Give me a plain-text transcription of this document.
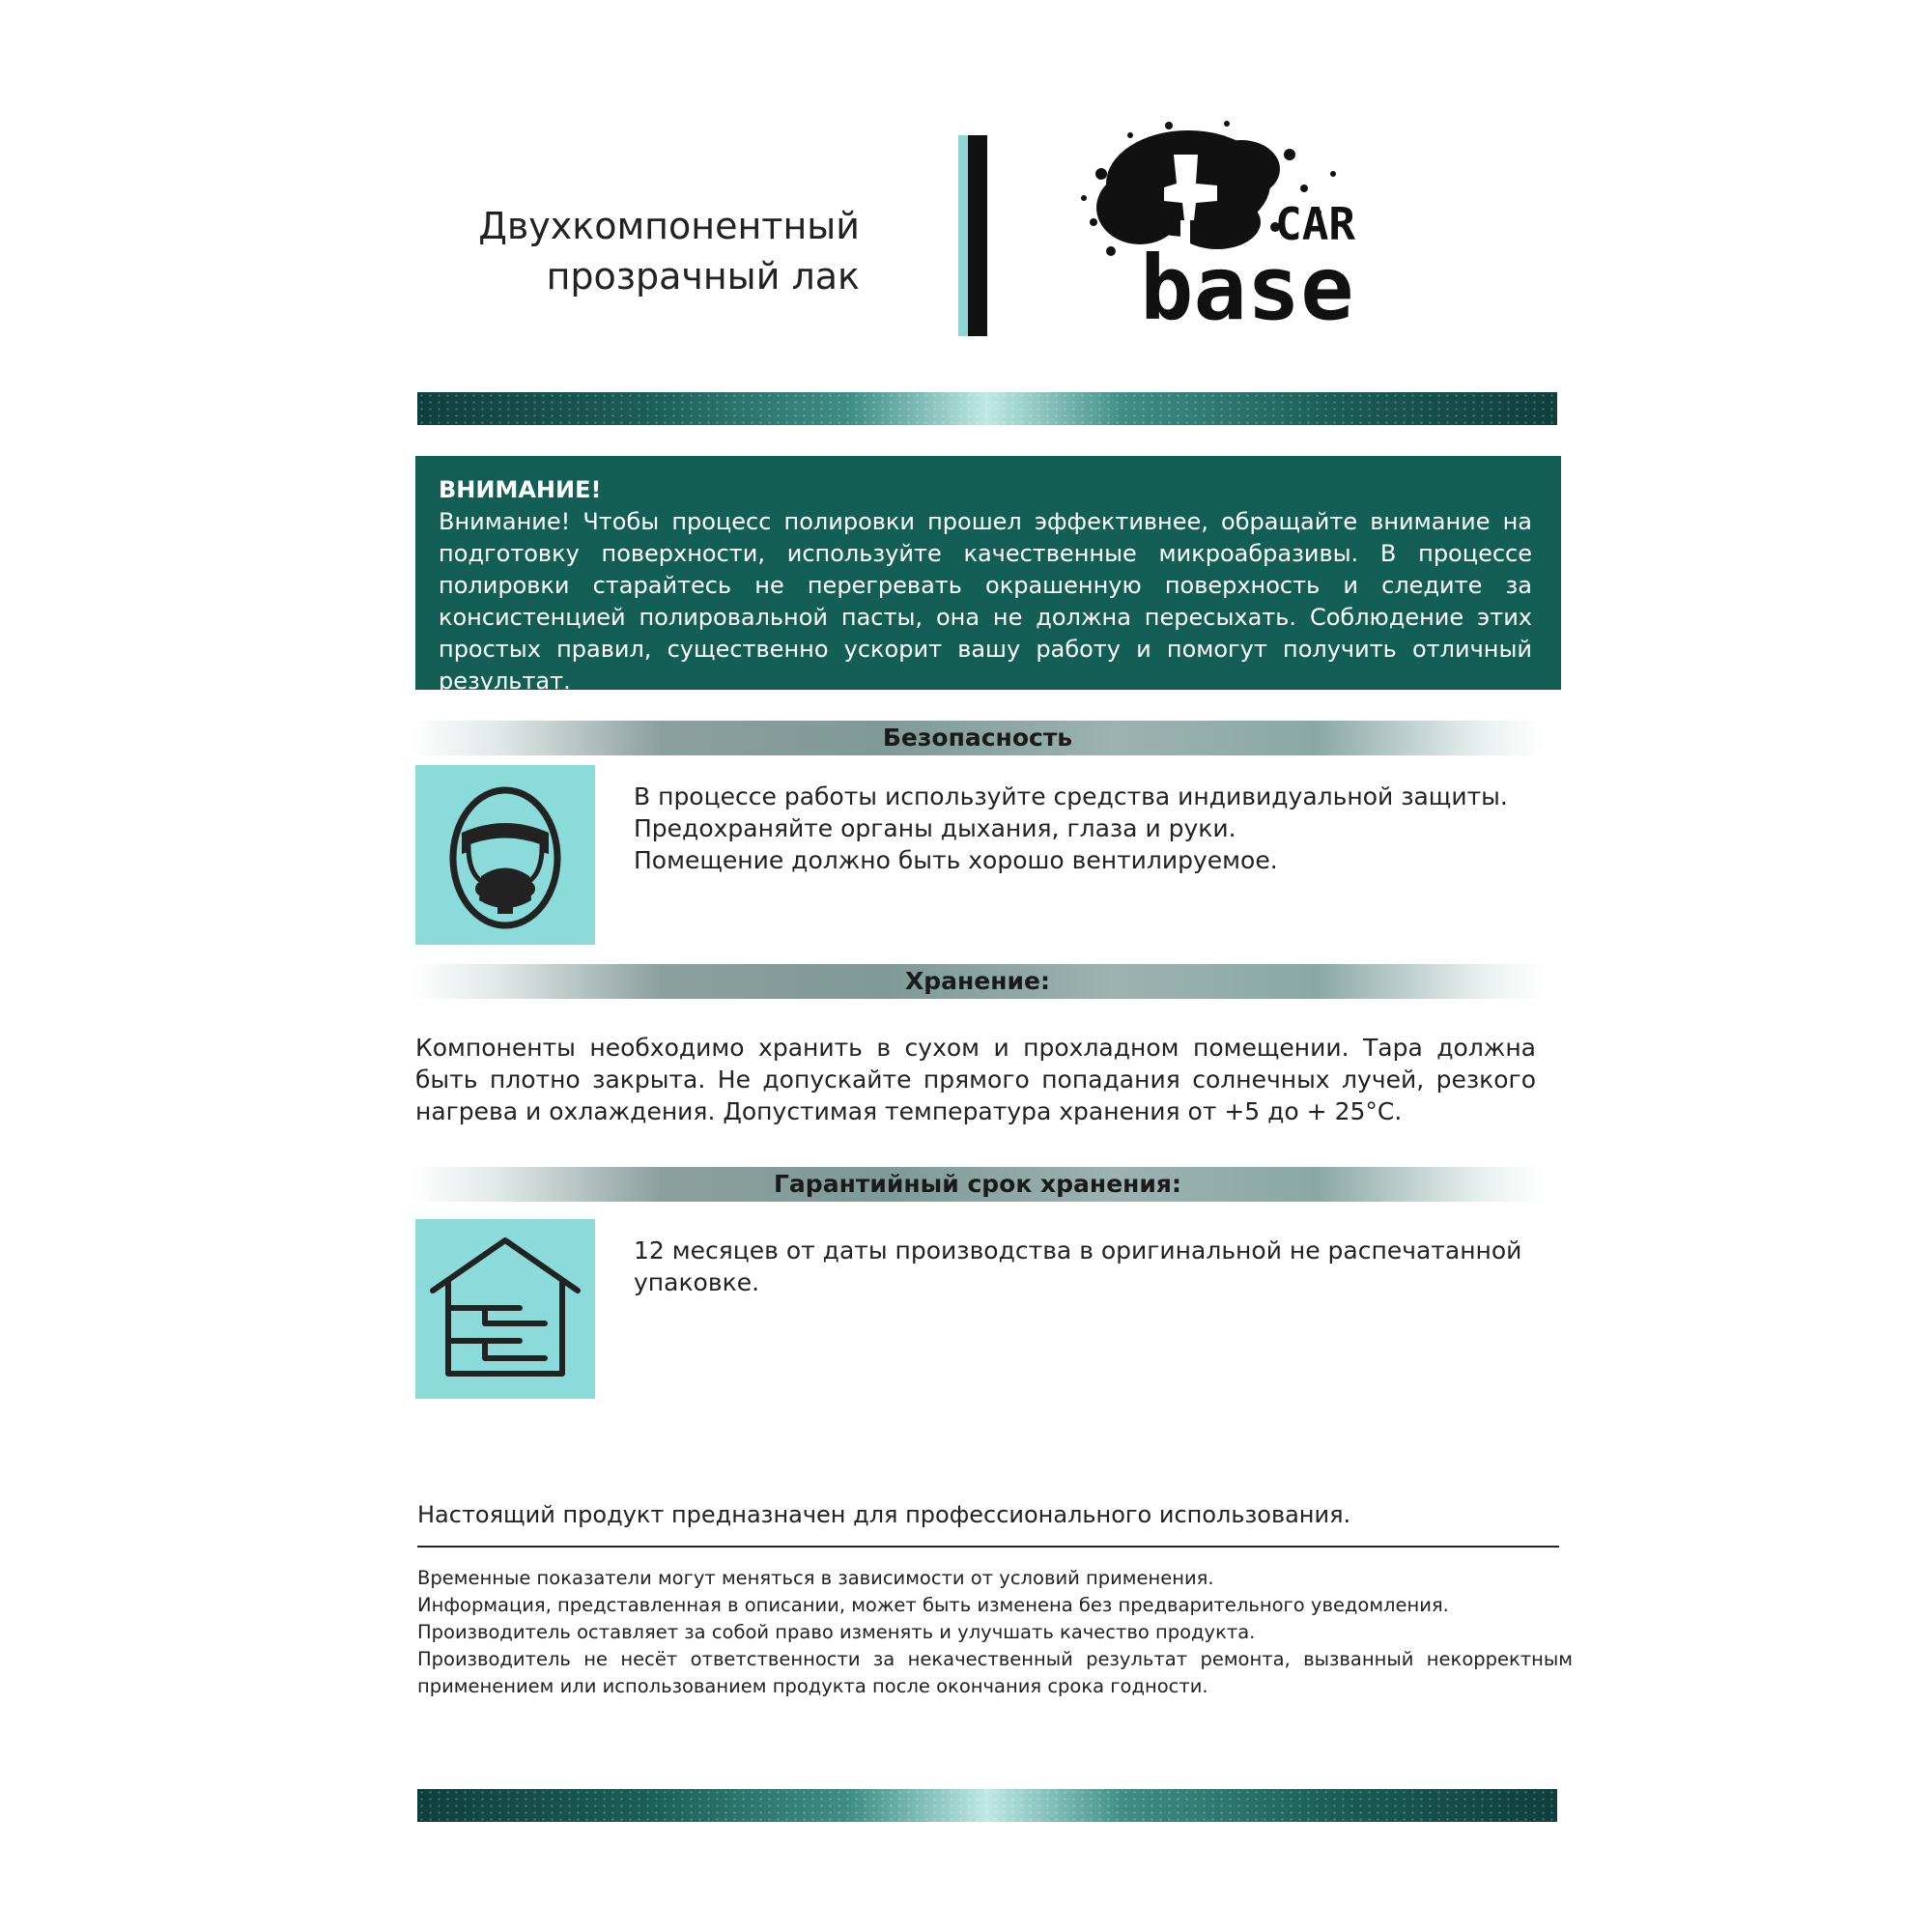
Двухкомпонентный
прозрачный лак
CAR
base
ВНИМАНИЕ!
Внимание! Чтобы процесс полировки прошел эффективнее, обращайте внимание на подготовку поверхности, используйте качественные микроабразивы. В процессе полировки старайтесь не перегревать окрашенную поверхность и следите за консистенцией полировальной пасты, она не должна пересыхать. Соблюдение этих простых правил, существенно ускорит вашу работу и помогут получить отличный результат.
Безопасность
В процессе работы используйте средства индивидуальной защиты.
Предохраняйте органы дыхания, глаза и руки.
Помещение должно быть хорошо вентилируемое.
Хранение:
Компоненты необходимо хранить в сухом и прохладном помещении. Тара должна быть плотно закрыта. Не допускайте прямого попадания солнечных лучей, резкого нагрева и охлаждения. Допустимая температура хранения от +5 до + 25°С.
Гарантийный срок хранения:
12 месяцев от даты производства в оригинальной не распечатанной упаковке.
Настоящий продукт предназначен для профессионального использования.
Временные показатели могут меняться в зависимости от условий применения.
Информация, представленная в описании, может быть изменена без предварительного уведомления.
Производитель оставляет за собой право изменять и улучшать качество продукта.
Производитель не несёт ответственности за некачественный результат ремонта, вызванный некорректным применением или использованием продукта после окончания срока годности.
